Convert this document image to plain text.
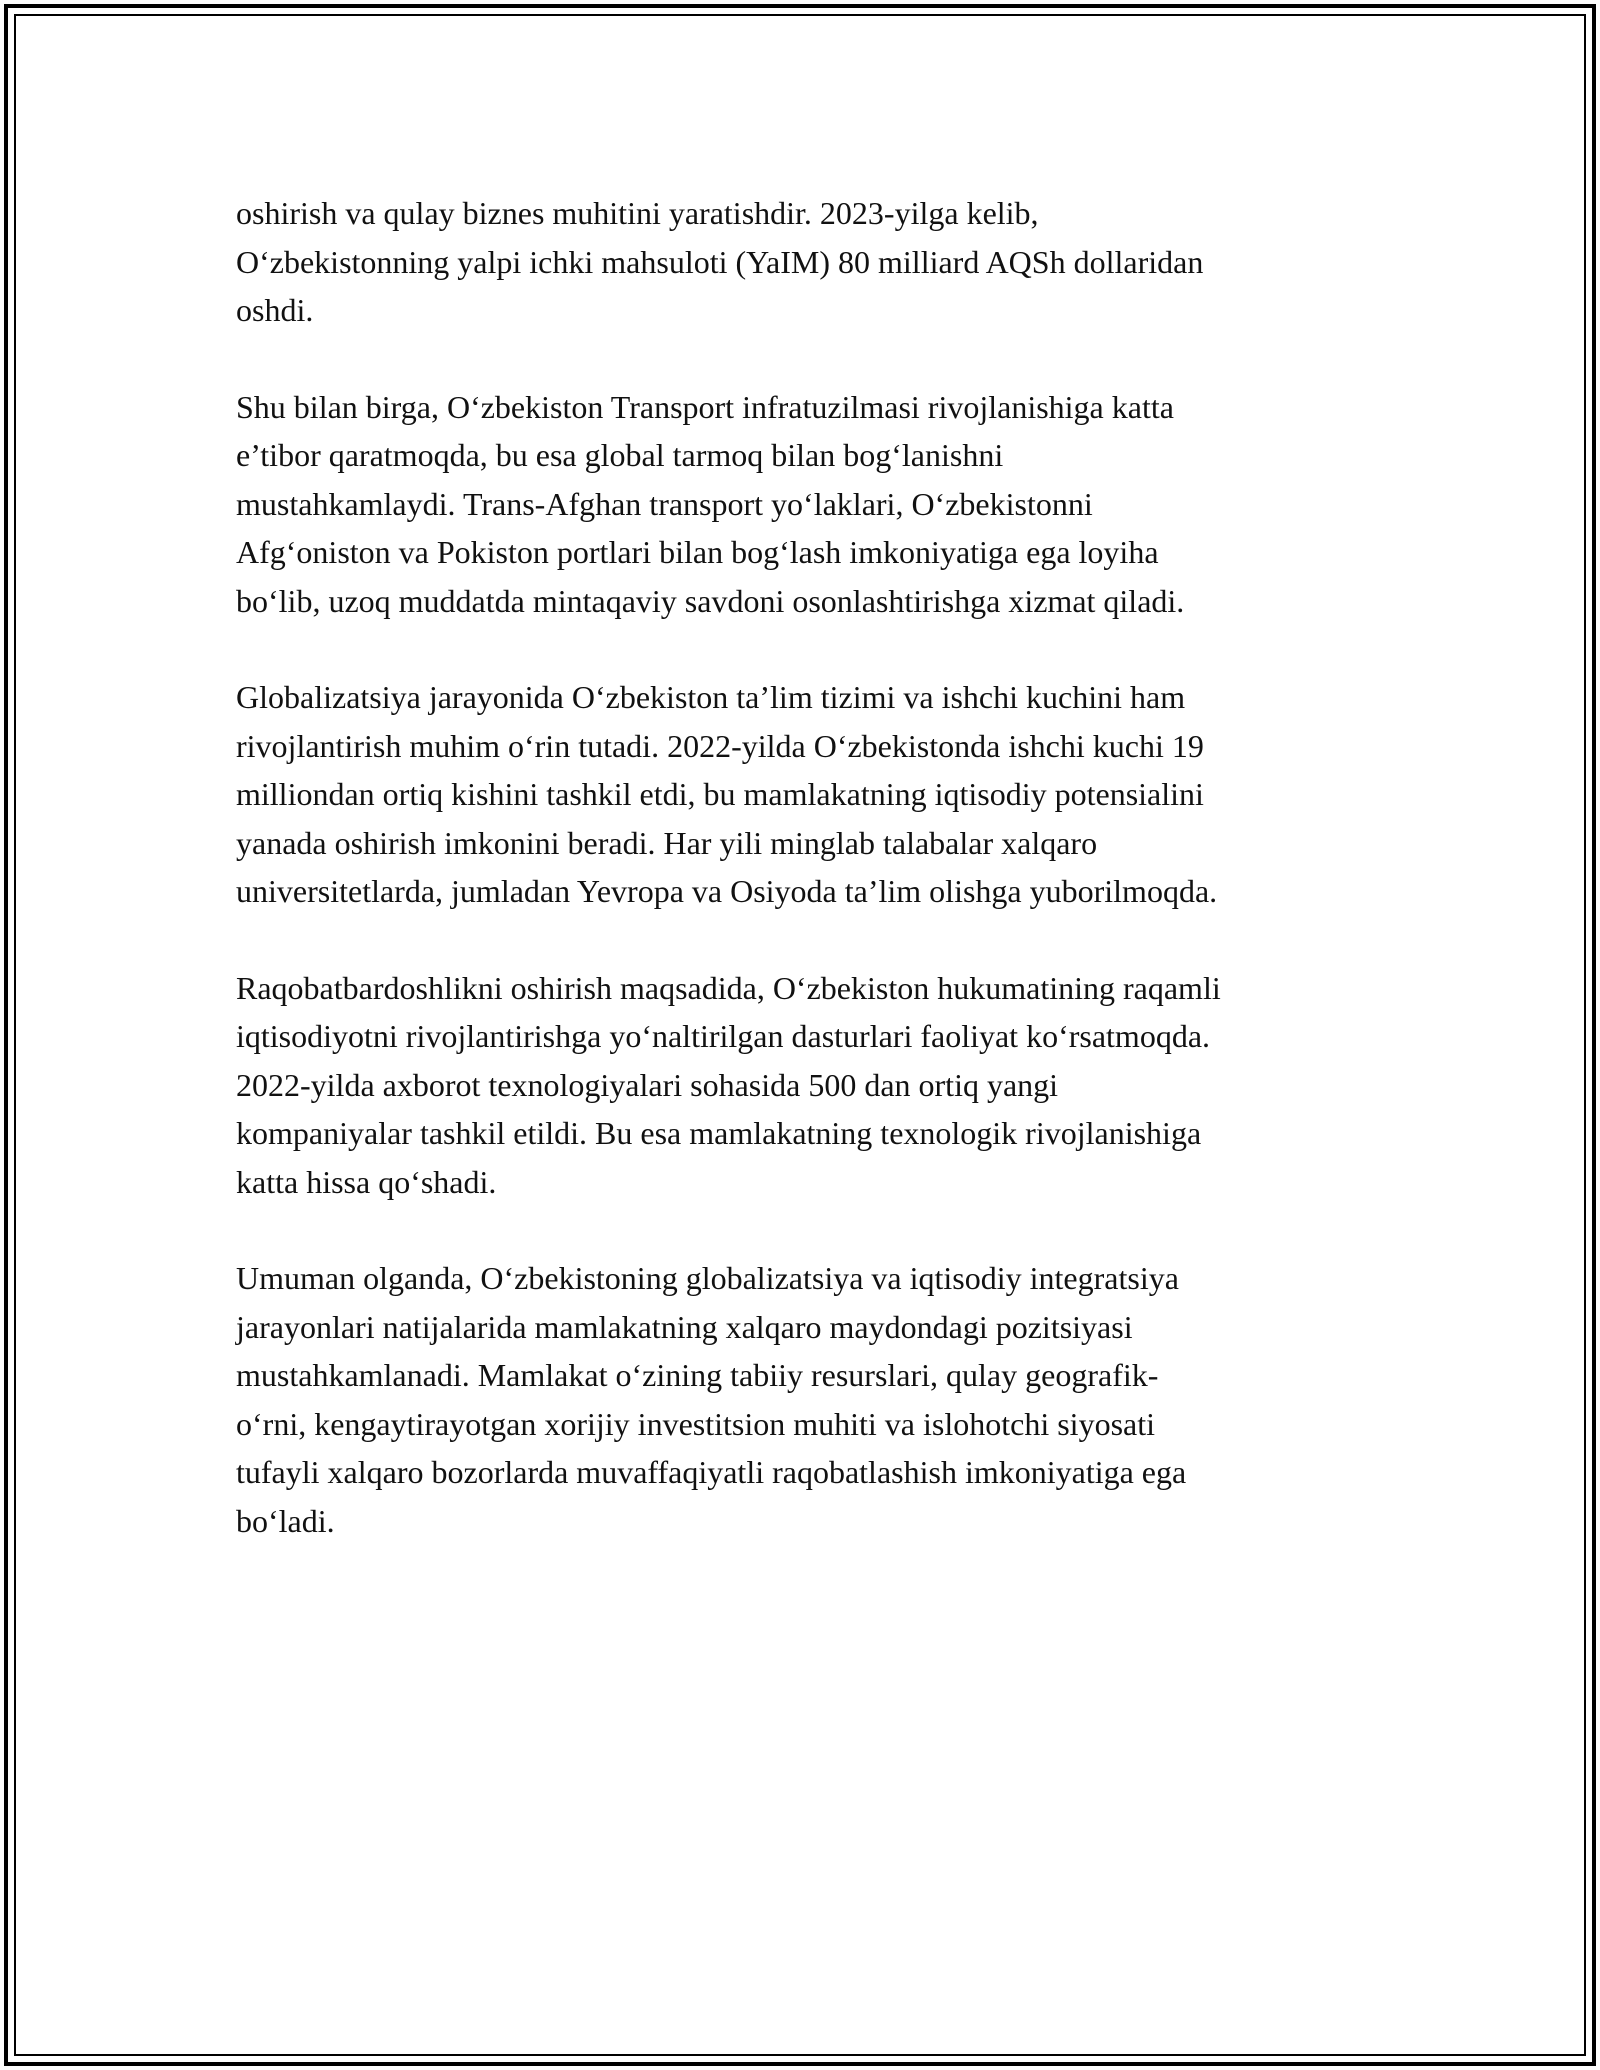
oshirish va qulay biznes muhitini yaratishdir. 2023-yilga kelib,
O‘zbekistonning yalpi ichki mahsuloti (YaIM) 80 milliard AQSh dollaridan
oshdi.

Shu bilan birga, O‘zbekiston Transport infratuzilmasi rivojlanishiga katta
e’tibor qaratmoqda, bu esa global tarmoq bilan bog‘lanishni
mustahkamlaydi. Trans-Afghan transport yo‘laklari, O‘zbekistonni
Afg‘oniston va Pokiston portlari bilan bog‘lash imkoniyatiga ega loyiha
bo‘lib, uzoq muddatda mintaqaviy savdoni osonlashtirishga xizmat qiladi.

Globalizatsiya jarayonida O‘zbekiston ta’lim tizimi va ishchi kuchini ham
rivojlantirish muhim o‘rin tutadi. 2022-yilda O‘zbekistonda ishchi kuchi 19
milliondan ortiq kishini tashkil etdi, bu mamlakatning iqtisodiy potensialini
yanada oshirish imkonini beradi. Har yili minglab talabalar xalqaro
universitetlarda, jumladan Yevropa va Osiyoda ta’lim olishga yuborilmoqda.

Raqobatbardoshlikni oshirish maqsadida, O‘zbekiston hukumatining raqamli
iqtisodiyotni rivojlantirishga yo‘naltirilgan dasturlari faoliyat ko‘rsatmoqda.
2022-yilda axborot texnologiyalari sohasida 500 dan ortiq yangi
kompaniyalar tashkil etildi. Bu esa mamlakatning texnologik rivojlanishiga
katta hissa qo‘shadi.

Umuman olganda, O‘zbekistoning globalizatsiya va iqtisodiy integratsiya
jarayonlari natijalarida mamlakatning xalqaro maydondagi pozitsiyasi
mustahkamlanadi. Mamlakat o‘zining tabiiy resurslari, qulay geografik-
o‘rni, kengaytirayotgan xorijiy investitsion muhiti va islohotchi siyosati
tufayli xalqaro bozorlarda muvaffaqiyatli raqobatlashish imkoniyatiga ega
bo‘ladi.
